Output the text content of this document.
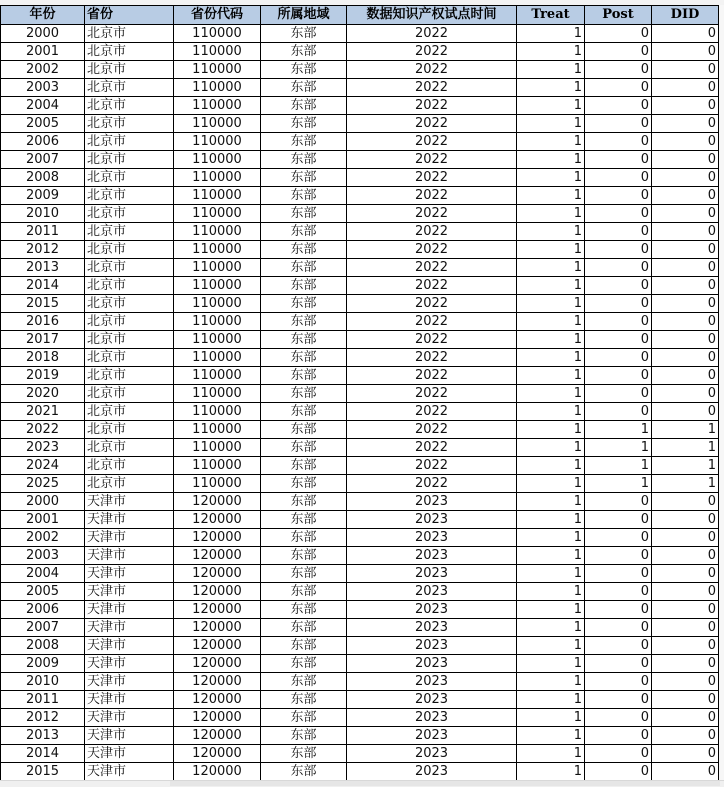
年份	省份	省份代码	所属地域	数据知识产权试点时间	Treat	Post	DID
2000	北京市	110000	东部	2022	1	0	0
2001	北京市	110000	东部	2022	1	0	0
2002	北京市	110000	东部	2022	1	0	0
2003	北京市	110000	东部	2022	1	0	0
2004	北京市	110000	东部	2022	1	0	0
2005	北京市	110000	东部	2022	1	0	0
2006	北京市	110000	东部	2022	1	0	0
2007	北京市	110000	东部	2022	1	0	0
2008	北京市	110000	东部	2022	1	0	0
2009	北京市	110000	东部	2022	1	0	0
2010	北京市	110000	东部	2022	1	0	0
2011	北京市	110000	东部	2022	1	0	0
2012	北京市	110000	东部	2022	1	0	0
2013	北京市	110000	东部	2022	1	0	0
2014	北京市	110000	东部	2022	1	0	0
2015	北京市	110000	东部	2022	1	0	0
2016	北京市	110000	东部	2022	1	0	0
2017	北京市	110000	东部	2022	1	0	0
2018	北京市	110000	东部	2022	1	0	0
2019	北京市	110000	东部	2022	1	0	0
2020	北京市	110000	东部	2022	1	0	0
2021	北京市	110000	东部	2022	1	0	0
2022	北京市	110000	东部	2022	1	1	1
2023	北京市	110000	东部	2022	1	1	1
2024	北京市	110000	东部	2022	1	1	1
2025	北京市	110000	东部	2022	1	1	1
2000	天津市	120000	东部	2023	1	0	0
2001	天津市	120000	东部	2023	1	0	0
2002	天津市	120000	东部	2023	1	0	0
2003	天津市	120000	东部	2023	1	0	0
2004	天津市	120000	东部	2023	1	0	0
2005	天津市	120000	东部	2023	1	0	0
2006	天津市	120000	东部	2023	1	0	0
2007	天津市	120000	东部	2023	1	0	0
2008	天津市	120000	东部	2023	1	0	0
2009	天津市	120000	东部	2023	1	0	0
2010	天津市	120000	东部	2023	1	0	0
2011	天津市	120000	东部	2023	1	0	0
2012	天津市	120000	东部	2023	1	0	0
2013	天津市	120000	东部	2023	1	0	0
2014	天津市	120000	东部	2023	1	0	0
2015	天津市	120000	东部	2023	1	0	0
